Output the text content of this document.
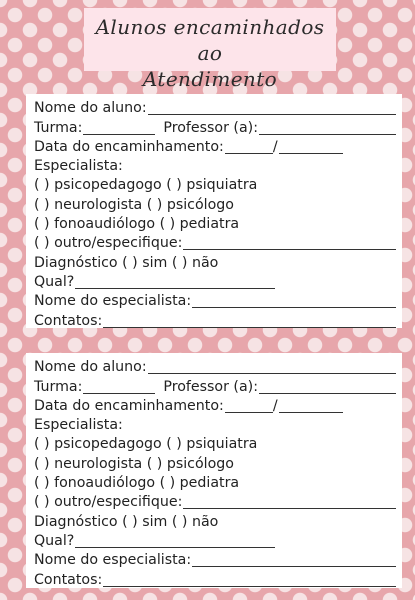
Alunos encaminhados ao
Atendimento
Nome do aluno:
Turma:	Professor (a):
Data do encaminhamento:	/
Especialista:
( ) psicopedagogo ( ) psiquiatra
( ) neurologista ( ) psicólogo
( ) fonoaudiólogo ( ) pediatra
( ) outro/especifique:
Diagnóstico ( ) sim ( ) não
Qual?
Nome do especialista:
Contatos:
Nome do aluno:
Turma:	Professor (a):
Data do encaminhamento:	/
Especialista:
( ) psicopedagogo ( ) psiquiatra
( ) neurologista ( ) psicólogo
( ) fonoaudiólogo ( ) pediatra
( ) outro/especifique:
Diagnóstico ( ) sim ( ) não
Qual?
Nome do especialista:
Contatos:
